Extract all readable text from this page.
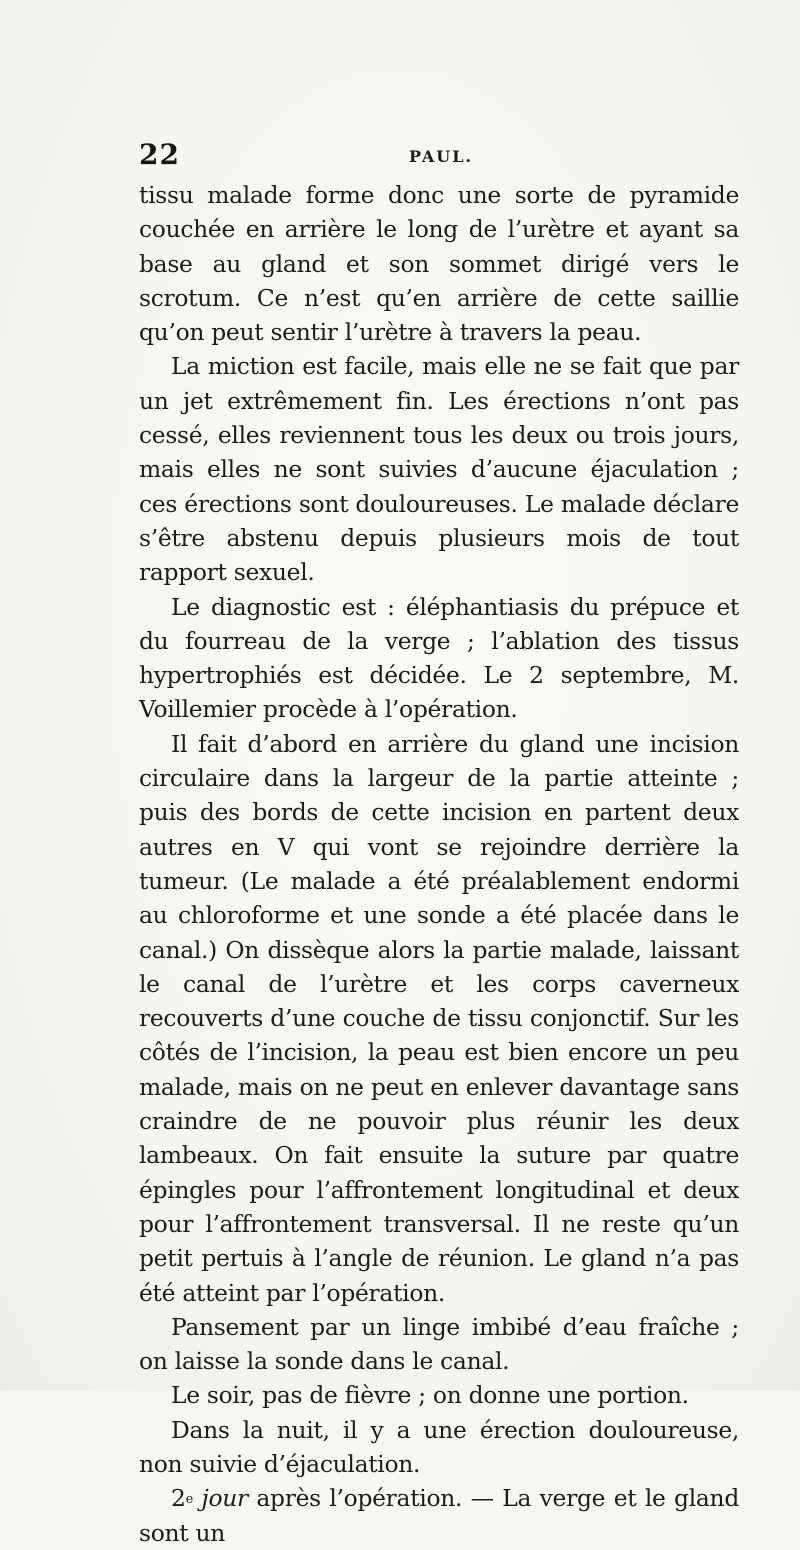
22	PAUL.

tissu malade forme donc une sorte de pyramide couchée en arrière le long de l’urètre et ayant sa base au gland et son sommet dirigé vers le scrotum. Ce n’est qu’en arrière de cette saillie qu’on peut sentir l’urètre à travers la peau.

La miction est facile, mais elle ne se fait que par un jet extrêmement fin. Les érections n’ont pas cessé, elles reviennent tous les deux ou trois jours, mais elles ne sont suivies d’aucune éjaculation ; ces érections sont douloureuses. Le malade déclare s’être abstenu depuis plusieurs mois de tout rapport sexuel.

Le diagnostic est : éléphantiasis du prépuce et du fourreau de la verge ; l’ablation des tissus hypertrophiés est décidée. Le 2 septembre, M. Voillemier procède à l’opération.

Il fait d’abord en arrière du gland une incision circulaire dans la largeur de la partie atteinte ; puis des bords de cette incision en partent deux autres en V qui vont se rejoindre derrière la tumeur. (Le malade a été préalablement endormi au chloroforme et une sonde a été placée dans le canal.) On dissèque alors la partie malade, laissant le canal de l’urètre et les corps caverneux recouverts d’une couche de tissu conjonctif. Sur les côtés de l’incision, la peau est bien encore un peu malade, mais on ne peut en enlever davantage sans craindre de ne pouvoir plus réunir les deux lambeaux. On fait ensuite la suture par quatre épingles pour l’affrontement longitudinal et deux pour l’affrontement transversal. Il ne reste qu’un petit pertuis à l’angle de réunion. Le gland n’a pas été atteint par l’opération.

Pansement par un linge imbibé d’eau fraîche ; on laisse la sonde dans le canal.

Le soir, pas de fièvre ; on donne une portion.

Dans la nuit, il y a une érection douloureuse, non suivie d’éjaculation.

2e jour après l’opération. — La verge et le gland sont un
